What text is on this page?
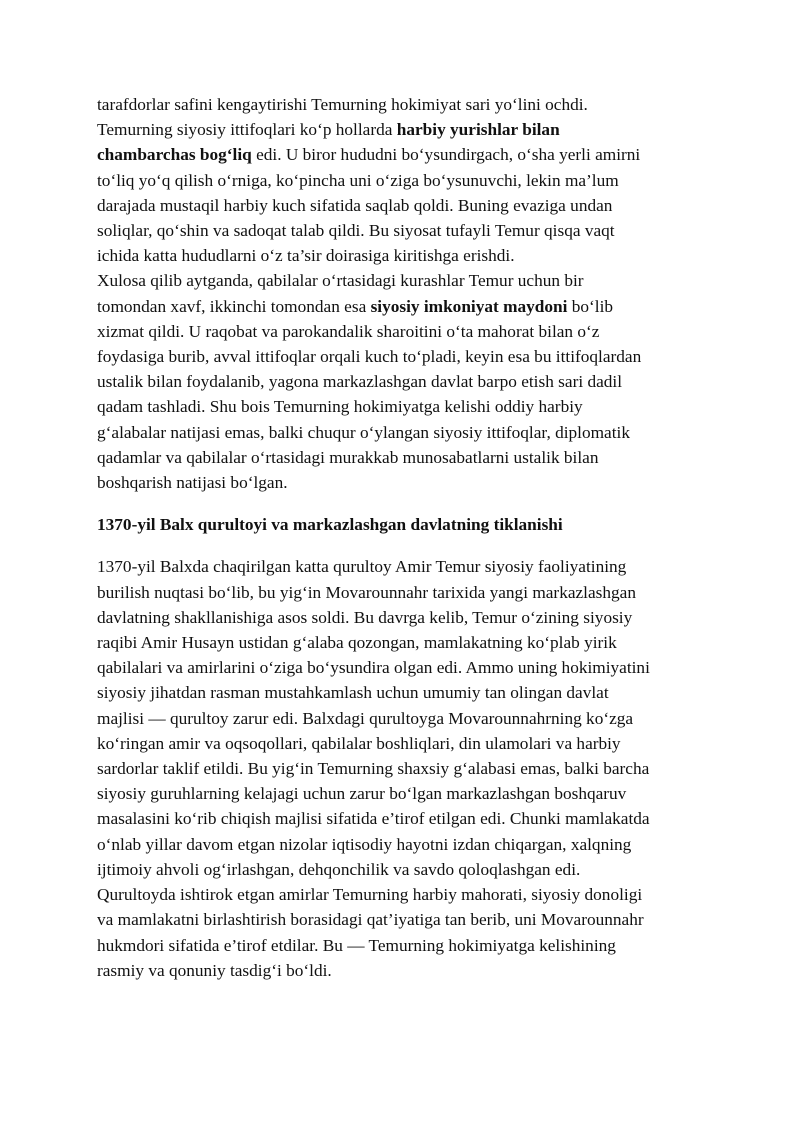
tarafdorlar safini kengaytirishi Temurning hokimiyat sari yo‘lini ochdi.
Temurning siyosiy ittifoqlari ko‘p hollarda harbiy yurishlar bilan
chambarchas bog‘liq edi. U biror hududni bo‘ysundirgach, o‘sha yerli amirni
to‘liq yo‘q qilish o‘rniga, ko‘pincha uni o‘ziga bo‘ysunuvchi, lekin ma’lum
darajada mustaqil harbiy kuch sifatida saqlab qoldi. Buning evaziga undan
soliqlar, qo‘shin va sadoqat talab qildi. Bu siyosat tufayli Temur qisqa vaqt
ichida katta hududlarni o‘z ta’sir doirasiga kiritishga erishdi.
Xulosa qilib aytganda, qabilalar o‘rtasidagi kurashlar Temur uchun bir
tomondan xavf, ikkinchi tomondan esa siyosiy imkoniyat maydoni bo‘lib
xizmat qildi. U raqobat va parokandalik sharoitini o‘ta mahorat bilan o‘z
foydasiga burib, avval ittifoqlar orqali kuch to‘pladi, keyin esa bu ittifoqlardan
ustalik bilan foydalanib, yagona markazlashgan davlat barpo etish sari dadil
qadam tashladi. Shu bois Temurning hokimiyatga kelishi oddiy harbiy
g‘alabalar natijasi emas, balki chuqur o‘ylangan siyosiy ittifoqlar, diplomatik
qadamlar va qabilalar o‘rtasidagi murakkab munosabatlarni ustalik bilan
boshqarish natijasi bo‘lgan.
1370-yil Balx qurultoyi va markazlashgan davlatning tiklanishi
1370-yil Balxda chaqirilgan katta qurultoy Amir Temur siyosiy faoliyatining
burilish nuqtasi bo‘lib, bu yig‘in Movarounnahr tarixida yangi markazlashgan
davlatning shakllanishiga asos soldi. Bu davrga kelib, Temur o‘zining siyosiy
raqibi Amir Husayn ustidan g‘alaba qozongan, mamlakatning ko‘plab yirik
qabilalari va amirlarini o‘ziga bo‘ysundira olgan edi. Ammo uning hokimiyatini
siyosiy jihatdan rasman mustahkamlash uchun umumiy tan olingan davlat
majlisi — qurultoy zarur edi. Balxdagi qurultoyga Movarounnahrning ko‘zga
ko‘ringan amir va oqsoqollari, qabilalar boshliqlari, din ulamolari va harbiy
sardorlar taklif etildi. Bu yig‘in Temurning shaxsiy g‘alabasi emas, balki barcha
siyosiy guruhlarning kelajagi uchun zarur bo‘lgan markazlashgan boshqaruv
masalasini ko‘rib chiqish majlisi sifatida e’tirof etilgan edi. Chunki mamlakatda
o‘nlab yillar davom etgan nizolar iqtisodiy hayotni izdan chiqargan, xalqning
ijtimoiy ahvoli og‘irlashgan, dehqonchilik va savdo qoloqlashgan edi.
Qurultoyda ishtirok etgan amirlar Temurning harbiy mahorati, siyosiy donoligi
va mamlakatni birlashtirish borasidagi qat’iyatiga tan berib, uni Movarounnahr
hukmdori sifatida e’tirof etdilar. Bu — Temurning hokimiyatga kelishining
rasmiy va qonuniy tasdig‘i bo‘ldi.
